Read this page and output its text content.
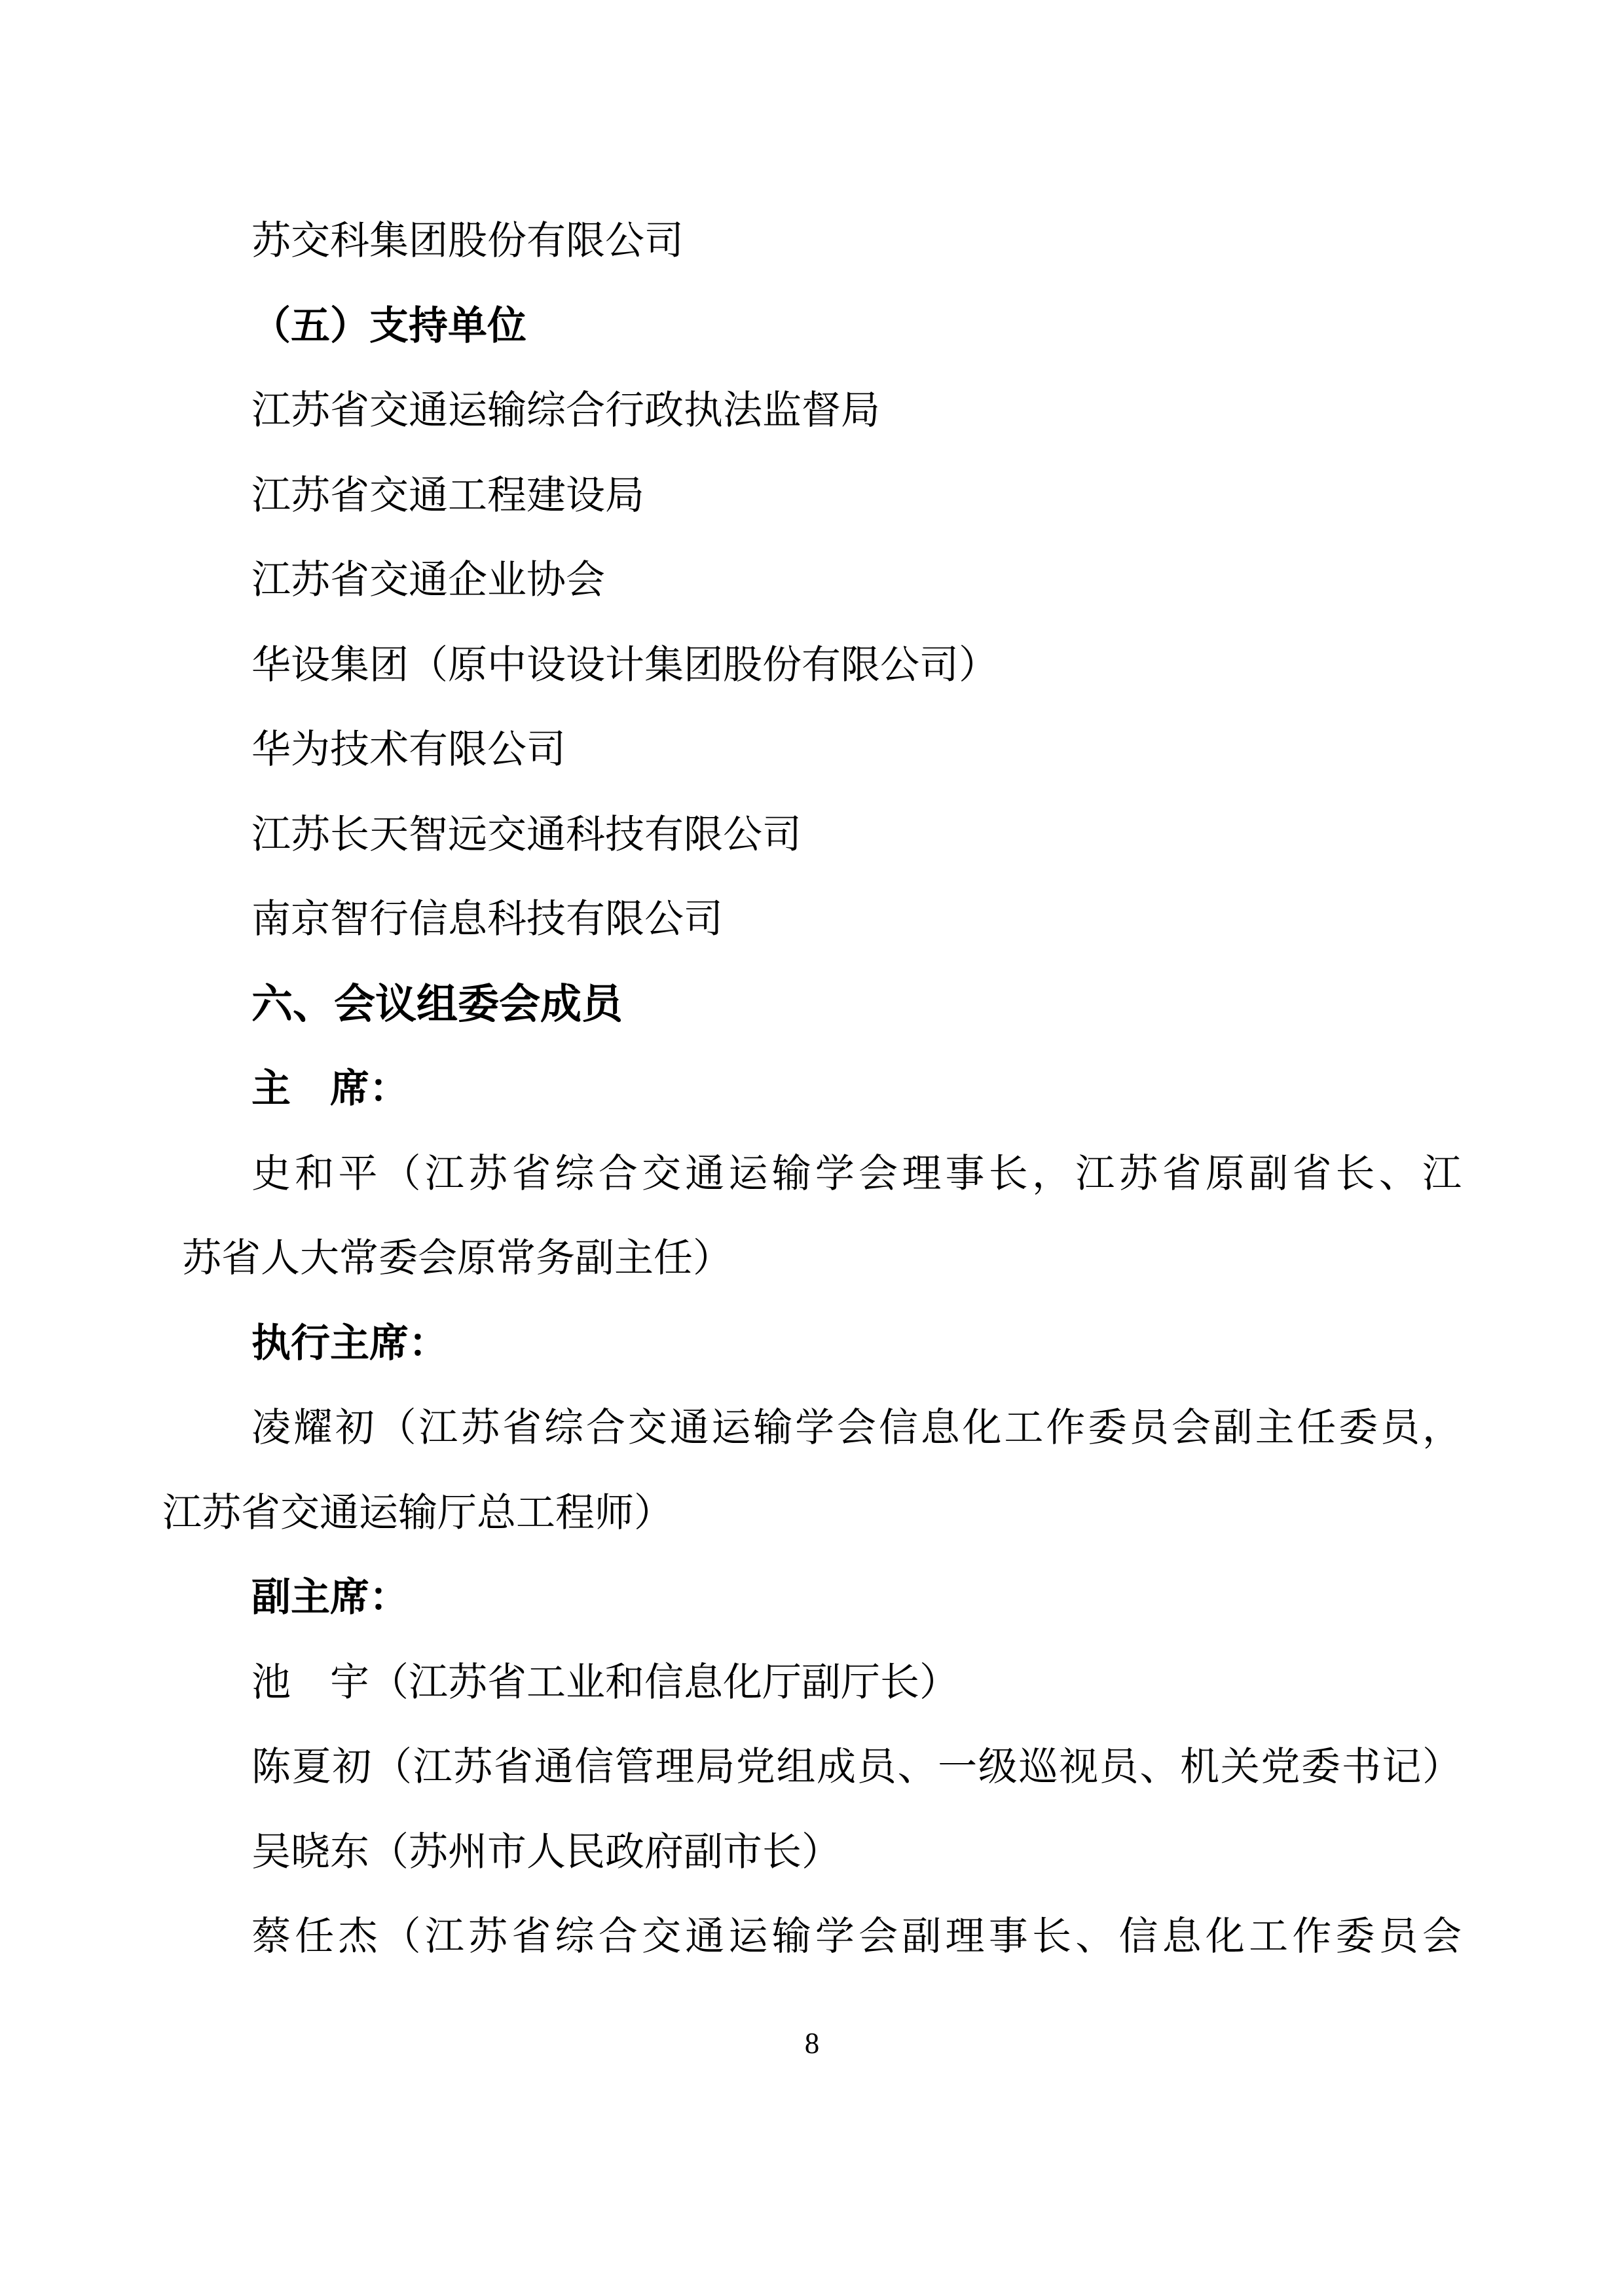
苏交科集团股份有限公司
（五）支持单位
江苏省交通运输综合行政执法监督局
江苏省交通工程建设局
江苏省交通企业协会
华设集团（原中设设计集团股份有限公司）
华为技术有限公司
江苏长天智远交通科技有限公司
南京智行信息科技有限公司
六、会议组委会成员
主　席：
史和平（江苏省综合交通运输学会理事长，江苏省原副省长、江
苏省人大常委会原常务副主任）
执行主席：
凌耀初（江苏省综合交通运输学会信息化工作委员会副主任委员，
江苏省交通运输厅总工程师）
副主席：
池　宇（江苏省工业和信息化厅副厅长）
陈夏初（江苏省通信管理局党组成员、一级巡视员、机关党委书记）
吴晓东（苏州市人民政府副市长）
蔡任杰（江苏省综合交通运输学会副理事长、信息化工作委员会
8
